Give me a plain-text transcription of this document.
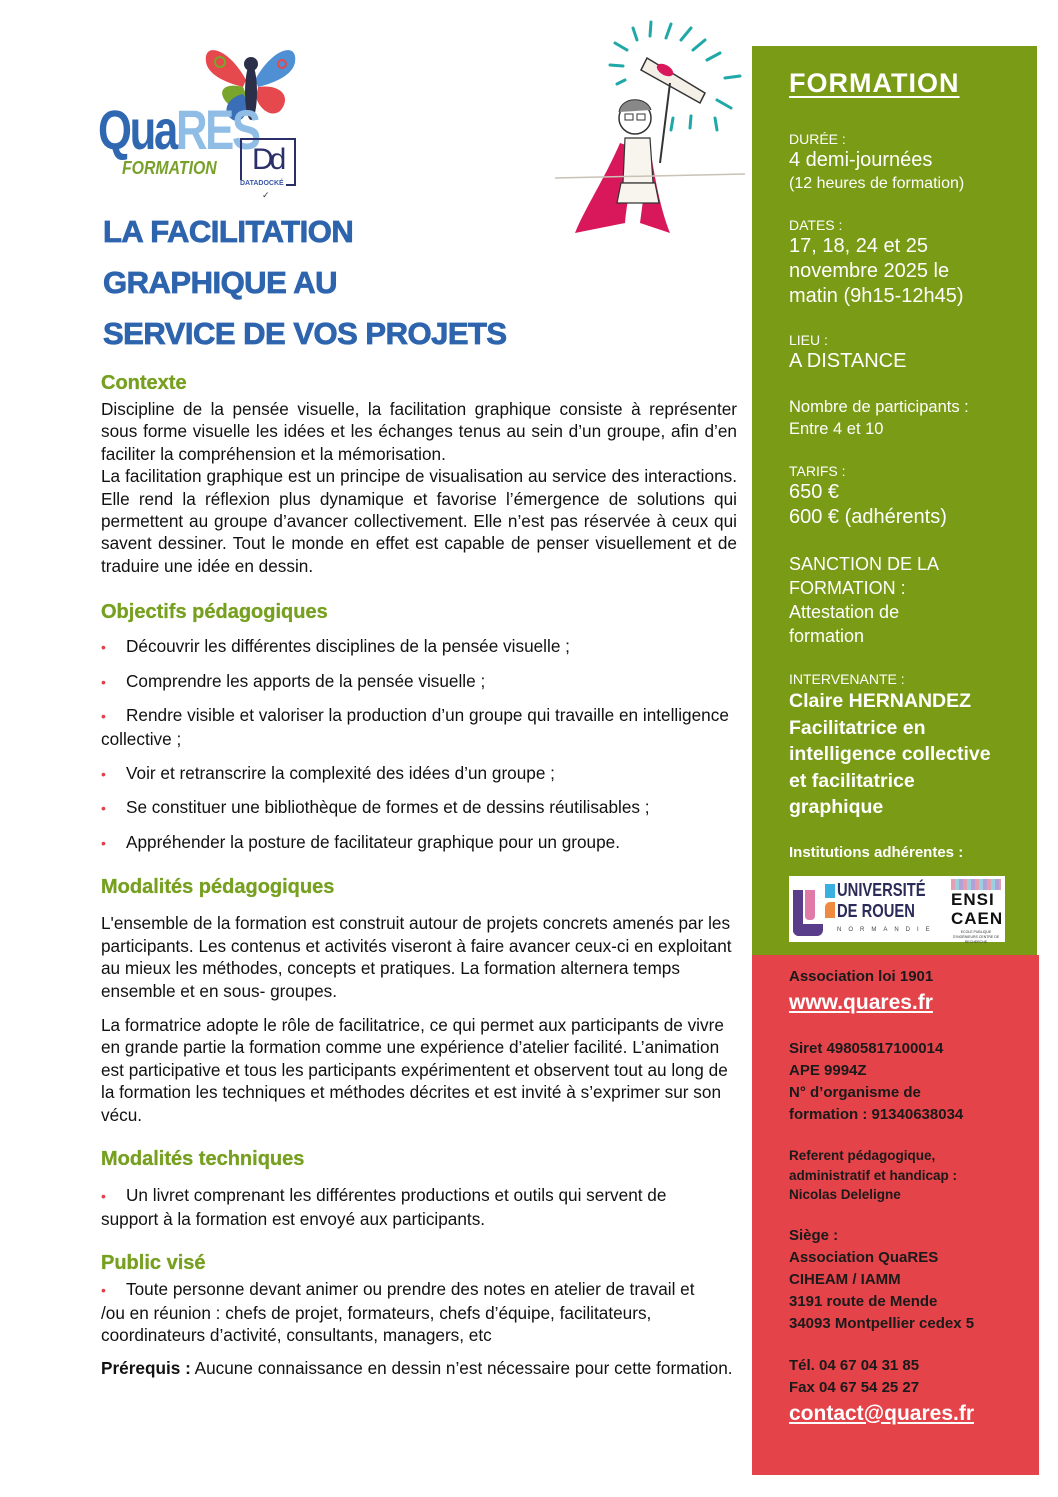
QuaRES
FORMATION Dd
DATADOCKÉ
✓
LA FACILITATION
GRAPHIQUE AU
SERVICE DE VOS PROJETS
Contexte
Discipline de la pensée visuelle, la facilitation graphique consiste à représenter sous forme visuelle les idées et les échanges tenus au sein d’un groupe, afin d’en faciliter la compréhension et la mémorisation.
La facilitation graphique est un principe de visualisation au service des interactions. Elle rend la réflexion plus dynamique et favorise l’émergence de solutions qui permettent au groupe d’avancer collectivement. Elle n’est pas réservée à ceux qui savent dessiner. Tout le monde en effet est capable de penser visuellement et de traduire une idée en dessin.
Objectifs pédagogiques
• Découvrir les différentes disciplines de la pensée visuelle ;
• Comprendre les apports de la pensée visuelle ;
• Rendre visible et valoriser la production d’un groupe qui travaille en intelligence collective ;
• Voir et retranscrire la complexité des idées d’un groupe ;
• Se constituer une bibliothèque de formes et de dessins réutilisables ;
• Appréhender la posture de facilitateur graphique pour un groupe.
Modalités pédagogiques
L'ensemble de la formation est construit autour de projets concrets amenés par les participants. Les contenus et activités viseront à faire avancer ceux-ci en exploitant au mieux les méthodes, concepts et pratiques. La formation alternera temps ensemble et en sous- groupes.
La formatrice adopte le rôle de facilitatrice, ce qui permet aux participants de vivre en grande partie la formation comme une expérience d’atelier facilité. L’animation est participative et tous les participants expérimentent et observent tout au long de la formation les techniques et méthodes décrites et est invité à s’exprimer sur son vécu.
Modalités techniques
• Un livret comprenant les différentes productions et outils qui servent de support à la formation est envoyé aux participants.
Public visé
• Toute personne devant animer ou prendre des notes en atelier de travail et /ou en réunion : chefs de projet, formateurs, chefs d’équipe, facilitateurs, coordinateurs d’activité, consultants, managers, etc
Prérequis : Aucune connaissance en dessin n’est nécessaire pour cette formation.
FORMATION
DURÉE :
4 demi-journées
(12 heures de formation)
DATES :
17, 18, 24 et 25
novembre 2025 le
matin (9h15-12h45)
LIEU :
A DISTANCE
Nombre de participants :
Entre 4 et 10
TARIFS :
650 €
600 € (adhérents)
SANCTION DE LA
FORMATION :
Attestation de
formation
INTERVENANTE :
Claire HERNANDEZ
Facilitatrice en
intelligence collective
et facilitatrice
graphique
Institutions adhérentes :
UNIVERSITÉ
DE ROUEN
NORMANDIE
ENSI
CAEN
ECOLE PUBLIQUE D'INGÉNIEURS CENTRE DE RECHERCHE
Association loi 1901
www.quares.fr
Siret 49805817100014
APE 9994Z
N° d’organisme de
formation : 91340638034
Referent pédagogique,
administratif et handicap :
Nicolas Deleligne
Siège :
Association QuaRES
CIHEAM / IAMM
3191 route de Mende
34093 Montpellier cedex 5
Tél. 04 67 04 31 85
Fax 04 67 54 25 27
contact@quares.fr
